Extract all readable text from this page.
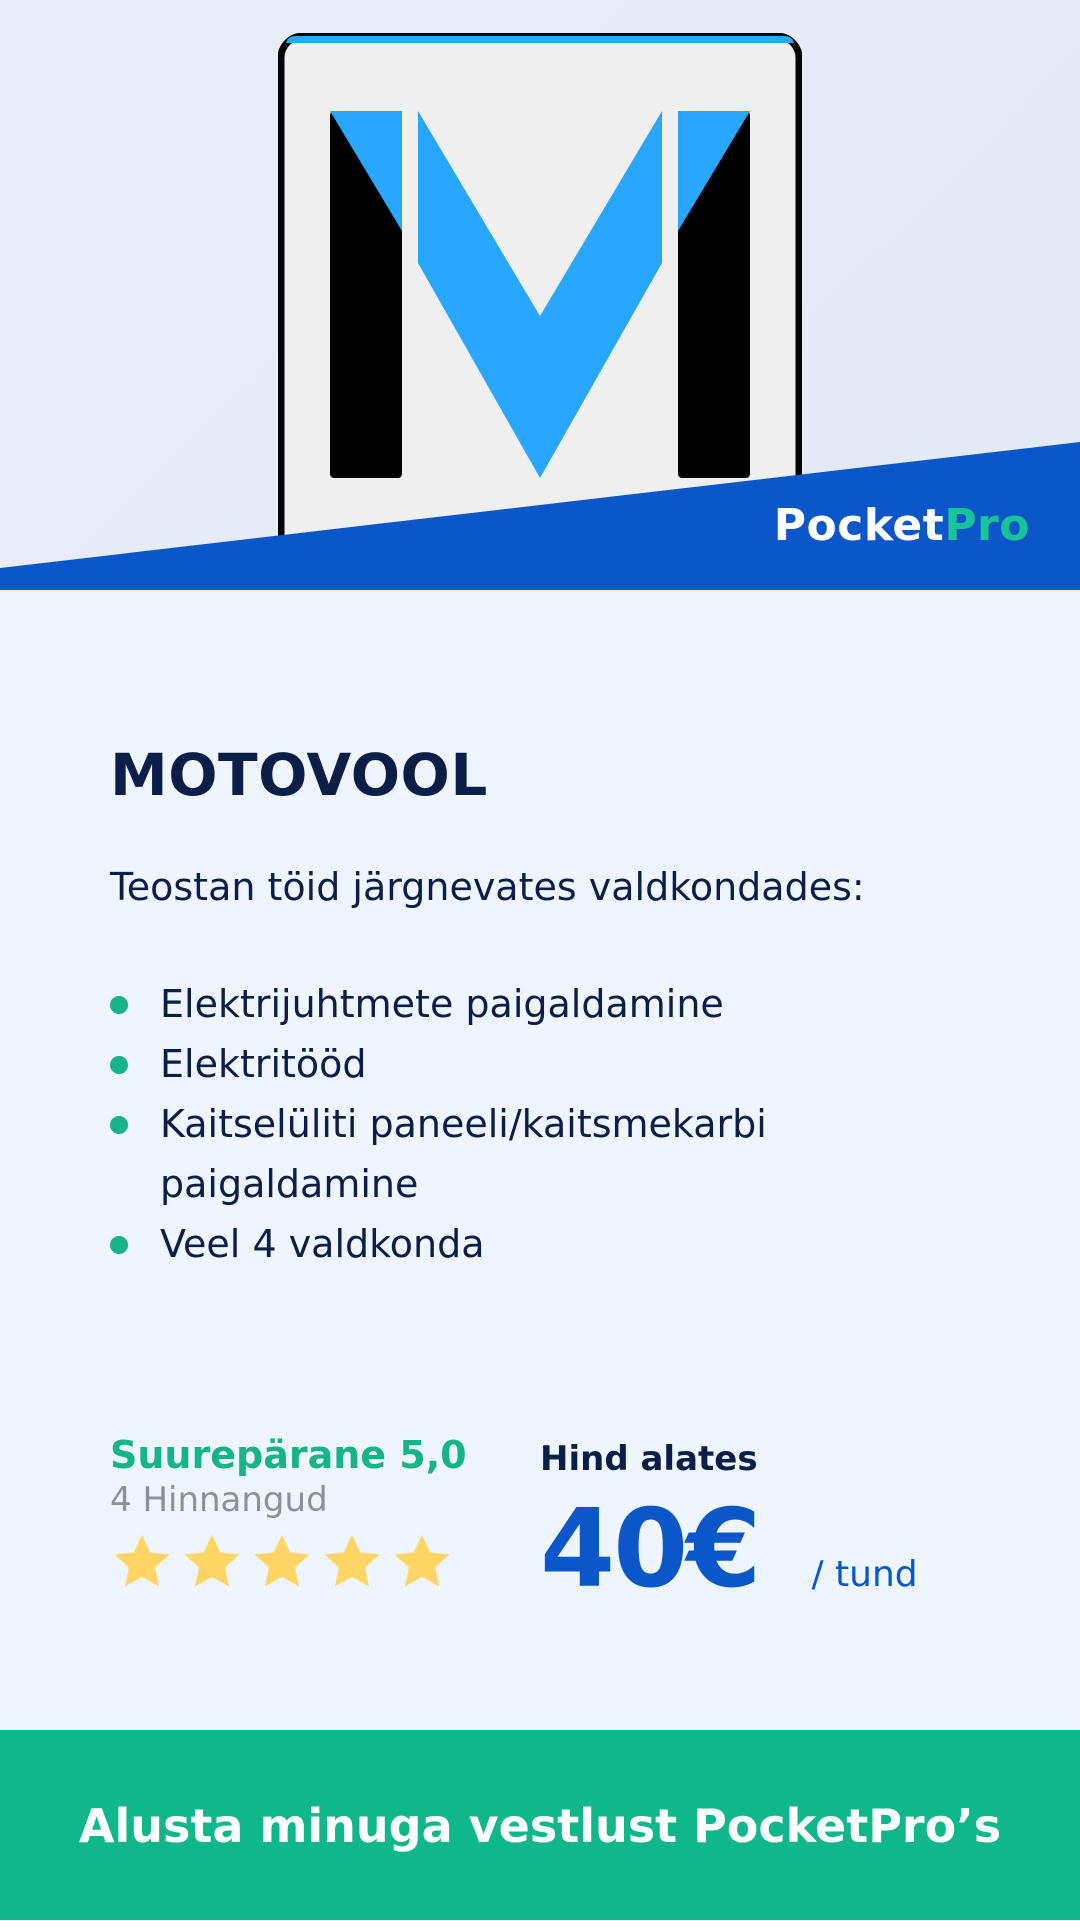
PocketPro
MOTOVOOL
Teostan töid järgnevates valdkondades:
Elektrijuhtmete paigaldamine
Elektritööd
Kaitselüliti paneeli/kaitsmekarbi paigaldamine
Veel 4 valdkonda
Suurepärane 5,0
4 Hinnangud
Hind alates
40€ / tund
Alusta minuga vestlust PocketPro’s
